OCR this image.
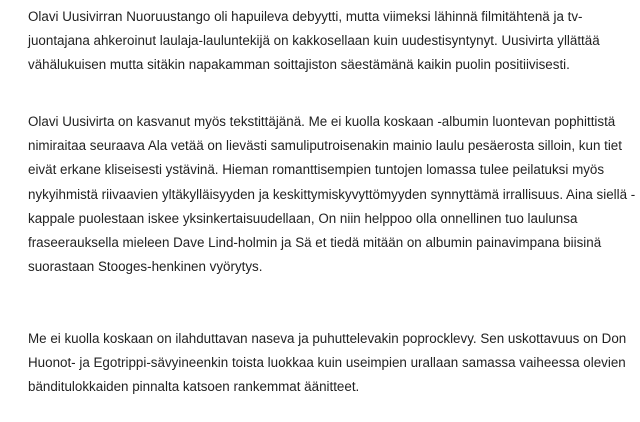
Olavi Uusivirran Nuoruustango oli hapuileva debyytti, mutta viimeksi lähinnä filmitähtenä ja tv-
juontajana ahkeroinut laulaja-lauluntekijä on kakkosellaan kuin uudestisyntynyt. Uusivirta yllättää
vähälukuisen mutta sitäkin napakamman soittajiston säestämänä kaikin puolin positiivisesti.

Olavi Uusivirta on kasvanut myös tekstittäjänä. Me ei kuolla koskaan -albumin luontevan pophittistä
nimiraitaa seuraava Ala vetää on lievästi samuliputroisenakin mainio laulu pesäerosta silloin, kun tiet
eivät erkane kliseisesti ystävinä. Hieman romanttisempien tuntojen lomassa tulee peilatuksi myös
nykyihmistä riivaavien yltäkylläisyyden ja keskittymiskyvyttömyyden synnyttämä irrallisuus. Aina siellä -
kappale puolestaan iskee yksinkertaisuudellaan, On niin helppoo olla onnellinen tuo laulunsa
fraseerauksella mieleen Dave Lind-holmin ja Sä et tiedä mitään on albumin painavimpana biisinä
suorastaan Stooges-henkinen vyörytys.

Me ei kuolla koskaan on ilahduttavan naseva ja puhuttelevakin poprocklevy. Sen uskottavuus on Don
Huonot- ja Egotrippi-sävyineenkin toista luokkaa kuin useimpien urallaan samassa vaiheessa olevien
bänditulokkaiden pinnalta katsoen rankemmat äänitteet.
